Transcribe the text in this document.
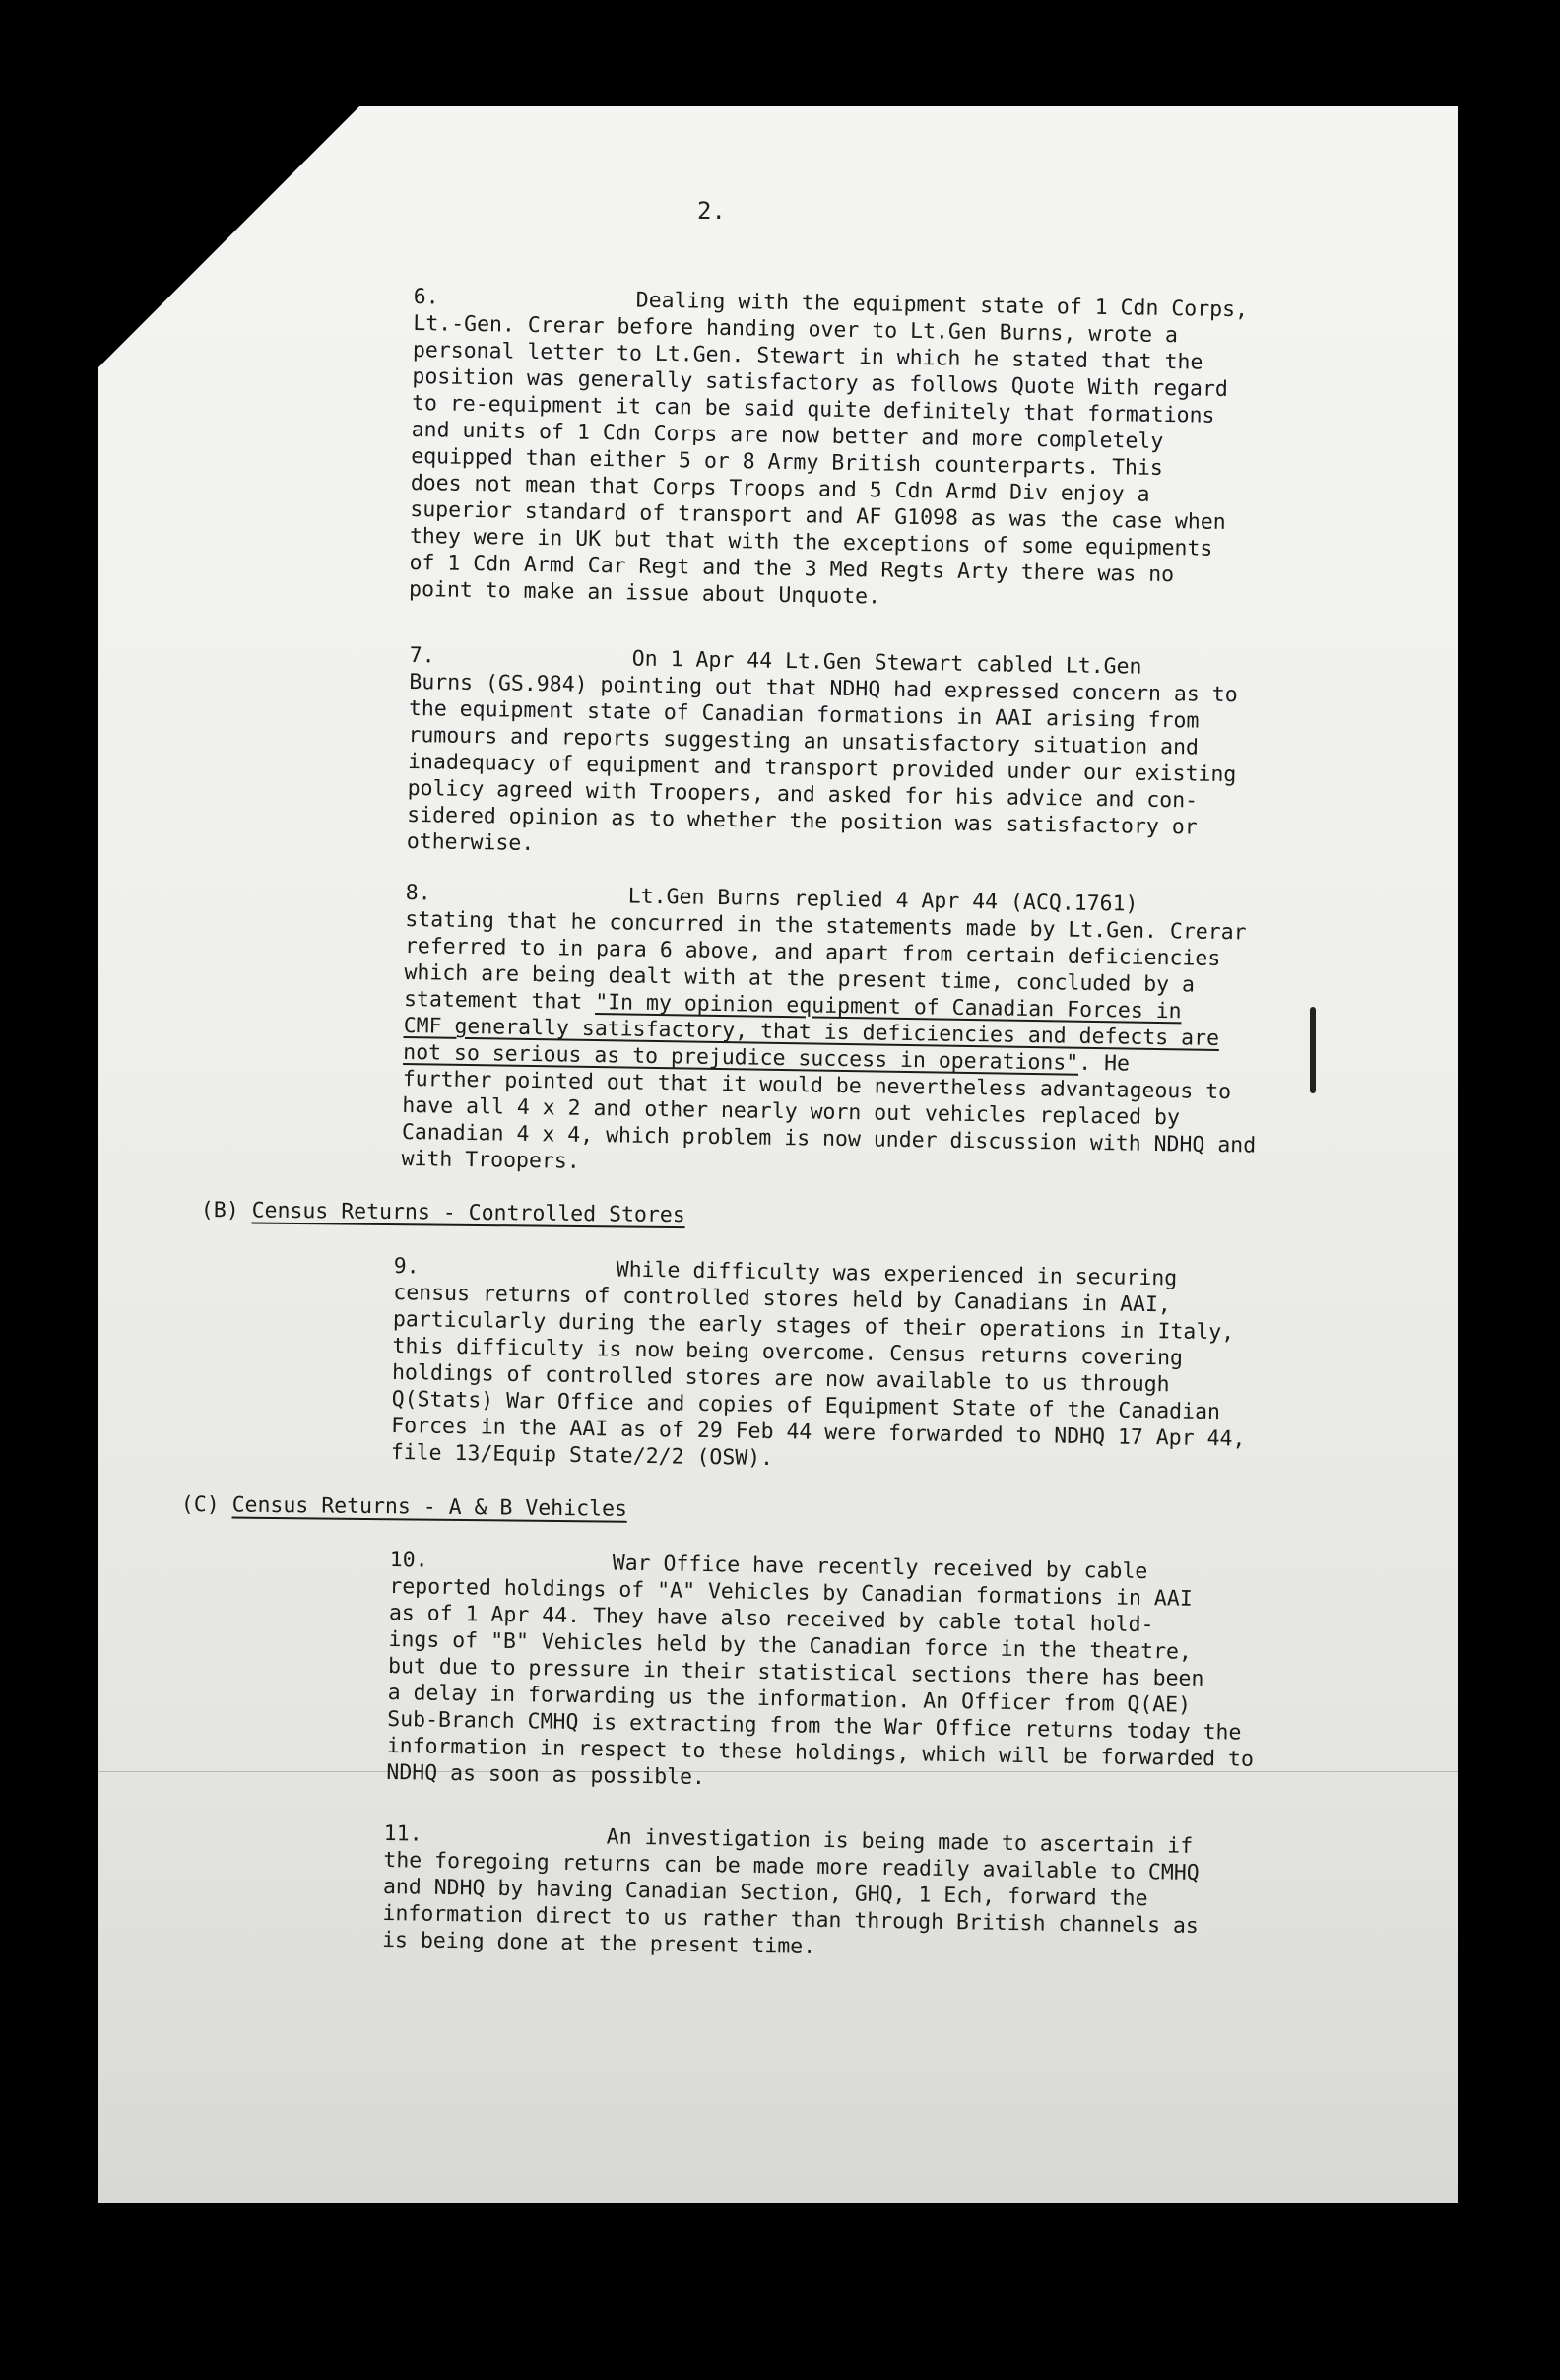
2.
6.	Dealing with the equipment state of 1 Cdn Corps,
Lt.-Gen. Crerar before handing over to Lt.Gen Burns, wrote a
personal letter to Lt.Gen. Stewart in which he stated that the
position was generally satisfactory as follows Quote With regard
to re-equipment it can be said quite definitely that formations
and units of 1 Cdn Corps are now better and more completely
equipped than either 5 or 8 Army British counterparts. This
does not mean that Corps Troops and 5 Cdn Armd Div enjoy a
superior standard of transport and AF G1098 as was the case when
they were in UK but that with the exceptions of some equipments
of 1 Cdn Armd Car Regt and the 3 Med Regts Arty there was no
point to make an issue about Unquote.
7.	On 1 Apr 44 Lt.Gen Stewart cabled Lt.Gen
Burns (GS.984) pointing out that NDHQ had expressed concern as to
the equipment state of Canadian formations in AAI arising from
rumours and reports suggesting an unsatisfactory situation and
inadequacy of equipment and transport provided under our existing
policy agreed with Troopers, and asked for his advice and con-
sidered opinion as to whether the position was satisfactory or
otherwise.
8.	Lt.Gen Burns replied 4 Apr 44 (ACQ.1761)
stating that he concurred in the statements made by Lt.Gen. Crerar
referred to in para 6 above, and apart from certain deficiencies
which are being dealt with at the present time, concluded by a
statement that "In my opinion equipment of Canadian Forces in
CMF generally satisfactory, that is deficiencies and defects are
not so serious as to prejudice success in operations". He
further pointed out that it would be nevertheless advantageous to
have all 4 x 2 and other nearly worn out vehicles replaced by
Canadian 4 x 4, which problem is now under discussion with NDHQ and
with Troopers.
(B) Census Returns - Controlled Stores
9.	While difficulty was experienced in securing
census returns of controlled stores held by Canadians in AAI,
particularly during the early stages of their operations in Italy,
this difficulty is now being overcome. Census returns covering
holdings of controlled stores are now available to us through
Q(Stats) War Office and copies of Equipment State of the Canadian
Forces in the AAI as of 29 Feb 44 were forwarded to NDHQ 17 Apr 44,
file 13/Equip State/2/2 (OSW).
(C) Census Returns - A & B Vehicles
10.	War Office have recently received by cable
reported holdings of "A" Vehicles by Canadian formations in AAI
as of 1 Apr 44. They have also received by cable total hold-
ings of "B" Vehicles held by the Canadian force in the theatre,
but due to pressure in their statistical sections there has been
a delay in forwarding us the information. An Officer from Q(AE)
Sub-Branch CMHQ is extracting from the War Office returns today the
information in respect to these holdings, which will be forwarded to
NDHQ as soon as possible.
11.	An investigation is being made to ascertain if
the foregoing returns can be made more readily available to CMHQ
and NDHQ by having Canadian Section, GHQ, 1 Ech, forward the
information direct to us rather than through British channels as
is being done at the present time.
